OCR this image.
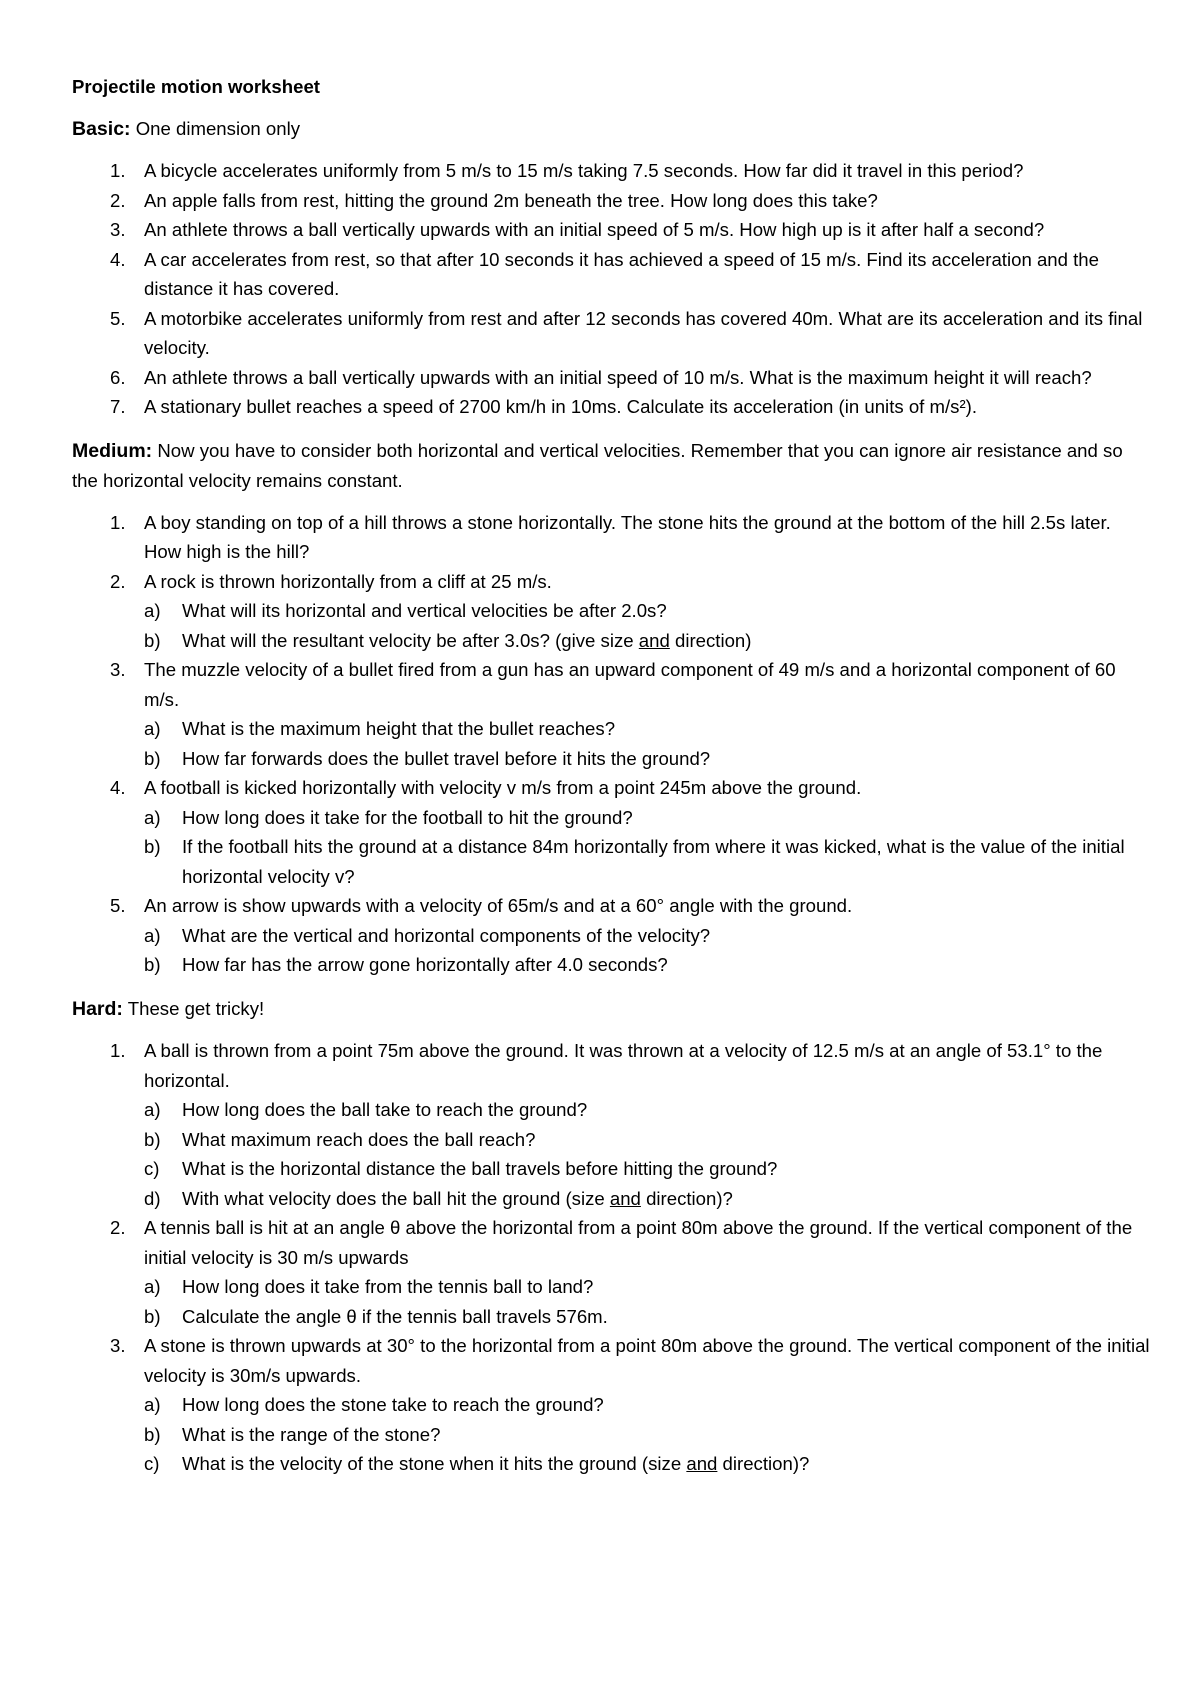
Projectile motion worksheet

Basic: One dimension only

1. A bicycle accelerates uniformly from 5 m/s to 15 m/s taking 7.5 seconds. How far did it travel in this period?
2. An apple falls from rest, hitting the ground 2m beneath the tree. How long does this take?
3. An athlete throws a ball vertically upwards with an initial speed of 5 m/s. How high up is it after half a second?
4. A car accelerates from rest, so that after 10 seconds it has achieved a speed of 15 m/s. Find its acceleration and the distance it has covered.
5. A motorbike accelerates uniformly from rest and after 12 seconds has covered 40m. What are its acceleration and its final velocity.
6. An athlete throws a ball vertically upwards with an initial speed of 10 m/s. What is the maximum height it will reach?
7. A stationary bullet reaches a speed of 2700 km/h in 10ms. Calculate its acceleration (in units of m/s²).

Medium: Now you have to consider both horizontal and vertical velocities. Remember that you can ignore air resistance and so the horizontal velocity remains constant.

1. A boy standing on top of a hill throws a stone horizontally. The stone hits the ground at the bottom of the hill 2.5s later. How high is the hill?
2. A rock is thrown horizontally from a cliff at 25 m/s.
a) What will its horizontal and vertical velocities be after 2.0s?
b) What will the resultant velocity be after 3.0s? (give size and direction)
3. The muzzle velocity of a bullet fired from a gun has an upward component of 49 m/s and a horizontal component of 60 m/s.
a) What is the maximum height that the bullet reaches?
b) How far forwards does the bullet travel before it hits the ground?
4. A football is kicked horizontally with velocity v m/s from a point 245m above the ground.
a) How long does it take for the football to hit the ground?
b) If the football hits the ground at a distance 84m horizontally from where it was kicked, what is the value of the initial horizontal velocity v?
5. An arrow is show upwards with a velocity of 65m/s and at a 60° angle with the ground.
a) What are the vertical and horizontal components of the velocity?
b) How far has the arrow gone horizontally after 4.0 seconds?

Hard: These get tricky!

1. A ball is thrown from a point 75m above the ground. It was thrown at a velocity of 12.5 m/s at an angle of 53.1° to the horizontal.
a) How long does the ball take to reach the ground?
b) What maximum reach does the ball reach?
c) What is the horizontal distance the ball travels before hitting the ground?
d) With what velocity does the ball hit the ground (size and direction)?
2. A tennis ball is hit at an angle θ above the horizontal from a point 80m above the ground. If the vertical component of the initial velocity is 30 m/s upwards
a) How long does it take from the tennis ball to land?
b) Calculate the angle θ if the tennis ball travels 576m.
3. A stone is thrown upwards at 30° to the horizontal from a point 80m above the ground. The vertical component of the initial velocity is 30m/s upwards.
a) How long does the stone take to reach the ground?
b) What is the range of the stone?
c) What is the velocity of the stone when it hits the ground (size and direction)?
